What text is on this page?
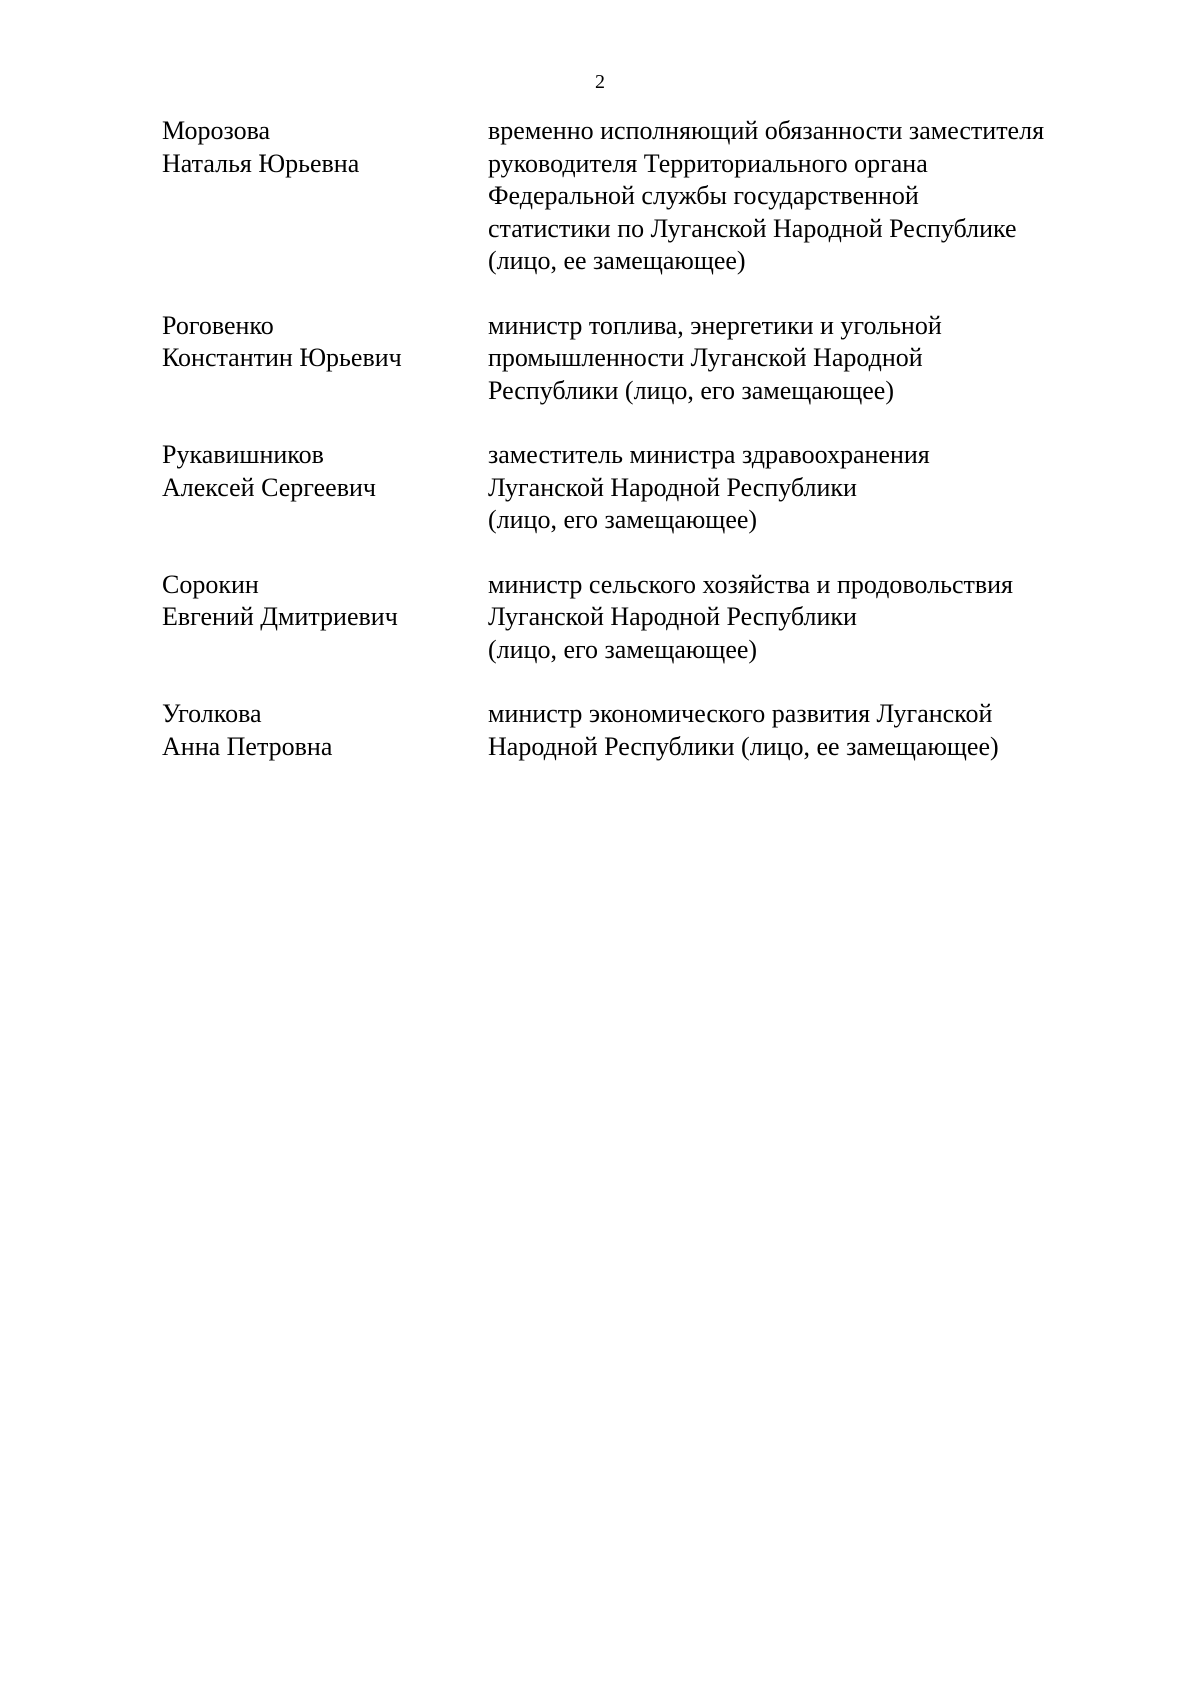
2
Морозова
Наталья Юрьевна
временно исполняющий обязанности заместителя
руководителя Территориального органа
Федеральной службы государственной
статистики по Луганской Народной Республике
(лицо, ее замещающее)
Роговенко
Константин Юрьевич
министр топлива, энергетики и угольной
промышленности Луганской Народной
Республики (лицо, его замещающее)
Рукавишников
Алексей Сергеевич
заместитель министра здравоохранения
Луганской Народной Республики
(лицо, его замещающее)
Сорокин
Евгений Дмитриевич
министр сельского хозяйства и продовольствия
Луганской Народной Республики
(лицо, его замещающее)
Уголкова
Анна Петровна
министр экономического развития Луганской
Народной Республики (лицо, ее замещающее)
